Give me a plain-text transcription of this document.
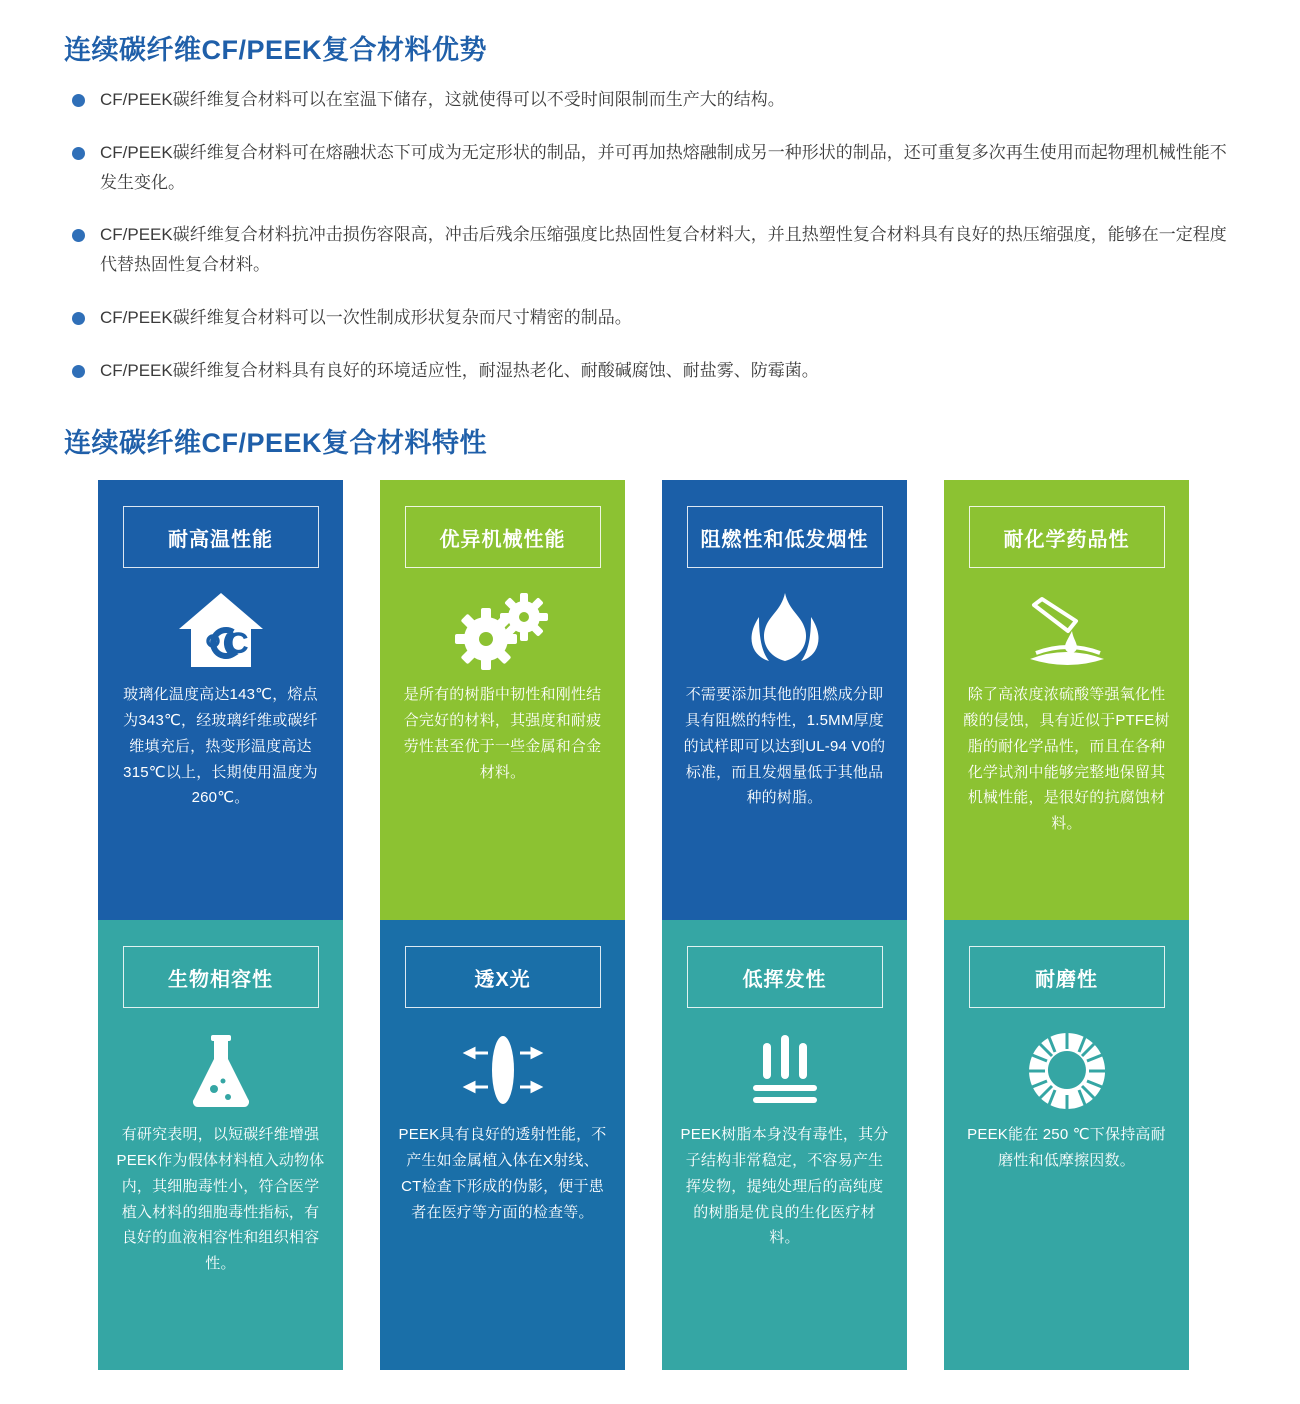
连续碳纤维CF/PEEK复合材料优势
CF/PEEK碳纤维复合材料可以在室温下储存，这就使得可以不受时间限制而生产大的结构。
CF/PEEK碳纤维复合材料可在熔融状态下可成为无定形状的制品，并可再加热熔融制成另一种形状的制品，还可重复多次再生使用而起物理机械性能不发生变化。
CF/PEEK碳纤维复合材料抗冲击损伤容限高，冲击后残余压缩强度比热固性复合材料大，并且热塑性复合材料具有良好的热压缩强度，能够在一定程度代替热固性复合材料。
CF/PEEK碳纤维复合材料可以一次性制成形状复杂而尺寸精密的制品。
CF/PEEK碳纤维复合材料具有良好的环境适应性，耐湿热老化、耐酸碱腐蚀、耐盐雾、防霉菌。
连续碳纤维CF/PEEK复合材料特性
耐高温性能
C
玻璃化温度高达143℃，熔点为343℃，经玻璃纤维或碳纤维填充后，热变形温度高达315℃以上，长期使用温度为260℃。
优异机械性能
是所有的树脂中韧性和刚性结合完好的材料，其强度和耐疲劳性甚至优于一些金属和合金材料。
阻燃性和低发烟性
不需要添加其他的阻燃成分即具有阻燃的特性，1.5MM厚度的试样即可以达到UL-94 V0的标准，而且发烟量低于其他品种的树脂。
耐化学药品性
除了高浓度浓硫酸等强氧化性酸的侵蚀，具有近似于PTFE树脂的耐化学品性，而且在各种化学试剂中能够完整地保留其机械性能，是很好的抗腐蚀材料。
生物相容性
有研究表明，以短碳纤维增强PEEK作为假体材料植入动物体内，其细胞毒性小，符合医学植入材料的细胞毒性指标，有良好的血液相容性和组织相容性。
透X光
PEEK具有良好的透射性能，不产生如金属植入体在X射线、CT检查下形成的伪影，便于患者在医疗等方面的检查等。
低挥发性
PEEK树脂本身没有毒性，其分子结构非常稳定，不容易产生挥发物，提纯处理后的高纯度的树脂是优良的生化医疗材料。
耐磨性
PEEK能在 250 ℃下保持高耐磨性和低摩擦因数。
